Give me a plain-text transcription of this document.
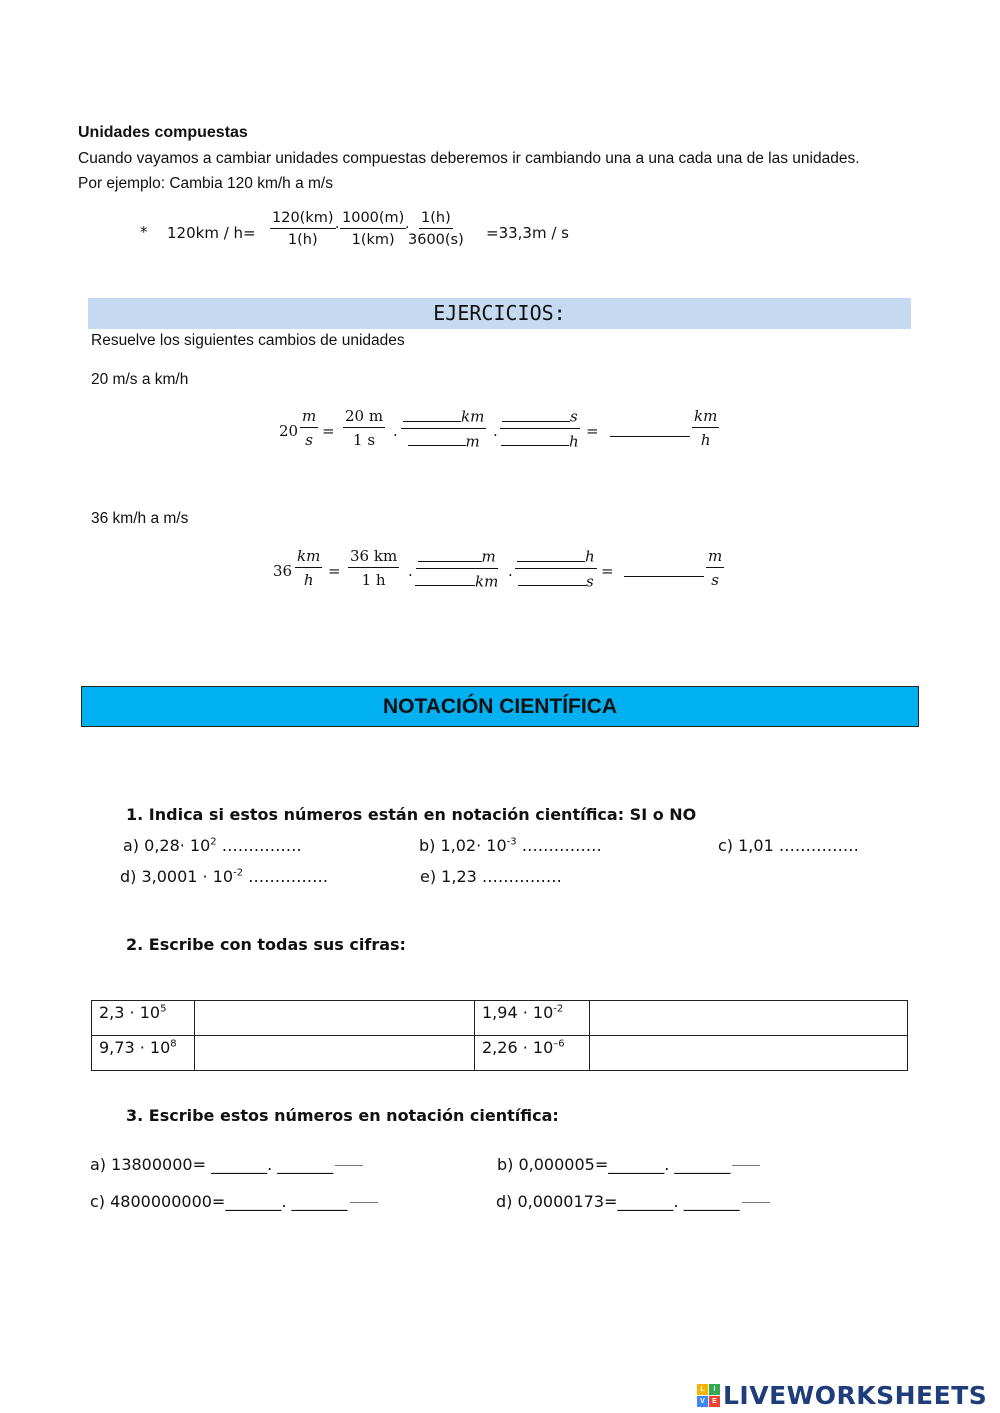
Unidades compuestas
Cuando vayamos a cambiar unidades compuestas deberemos ir cambiando una a una cada una de las unidades.
Por ejemplo: Cambia 120 km/h a m/s
* $120km / h= \frac{120(km)}{1(h)}$ . $\frac{1000(m)}{1(km)}$
.
$\frac{1(h)}{3600(s)} =33,3m / s$
EJERCICIOS:
Resuelve los siguientes cambios de unidades
20 m/s a km/h
$20 \frac{m}{s} = \frac{20 m}{1 s}$ . $\frac{km}{m}$ . $\frac{s}{h}$ =	$\frac{km}{h}$
36 km/h a m/s
$36 \frac{km}{h} = \frac{36 km}{1 h}$ . $\frac{m}{km}$ . $\frac{h}{s}$ =	$\frac{m}{s}$
NOTACIÓN CIENTÍFICA
1. Indica si estos números están en notación científica: SI o NO
a) $0,28\cdot 10^2$ ……………	b) $1,02\cdot 10^{-3}$ ……………	c) 1,01 ……………
d) $3,0001 \cdot 10^{-2}$ ……………	e) 1,23 ……………
2. Escribe con todas sus cifras:
$2,3 \cdot 10^5$		$1,94 \cdot 10^{-2}$	
$9,73 \cdot 10^8$		$2,26 \cdot 10^{-6}$	
3. Escribe estos números en notación científica:
a) 13800000= _______. _______	b) 0,000005=_______. _______
c) 4800000000=_______. _______	d) 0,0000173=_______. _______
L	I
V	E LIVEWORKSHEETS
